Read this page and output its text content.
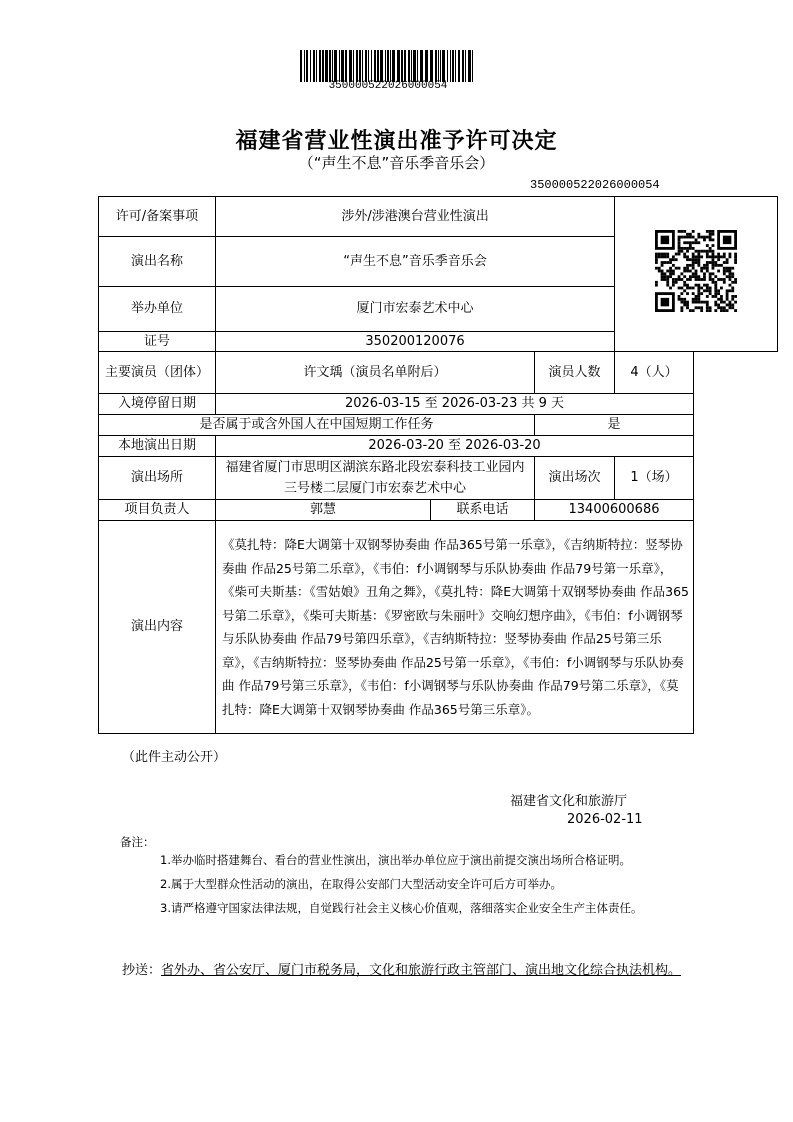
350000522026000054
福建省营业性演出准予许可决定
（“声生不息”音乐季音乐会）
350000522026000054
许可/备案事项	涉外/涉港澳台营业性演出	
演出名称	“声生不息”音乐季音乐会			
举办单位	厦门市宏泰艺术中心			
证号	350200120076			
主要演员（团体）	许文瑀（演员名单附后）		演员人数	4（人）
入境停留日期	2026-03-15 至 2026-03-23 共 9 天			
是否属于或含外国人在中国短期工作任务			是	
本地演出日期	2026-03-20 至 2026-03-20			
演出场所	福建省厦门市思明区湖滨东路北段宏泰科技工业园内三号楼二层厦门市宏泰艺术中心		演出场次	1（场）
项目负责人	郭慧	联系电话	13400600686	
演出内容	《莫扎特：降E大调第十双钢琴协奏曲 作品365号第一乐章》，《吉纳斯特拉：竖琴协奏曲 作品25号第二乐章》，《韦伯：f小调钢琴与乐队协奏曲 作品79号第一乐章》，《柴可夫斯基：《雪姑娘》丑角之舞》，《莫扎特：降E大调第十双钢琴协奏曲 作品365号第二乐章》，《柴可夫斯基：《罗密欧与朱丽叶》交响幻想序曲》，《韦伯：f小调钢琴与乐队协奏曲 作品79号第四乐章》，《吉纳斯特拉：竖琴协奏曲 作品25号第三乐章》，《吉纳斯特拉：竖琴协奏曲 作品25号第一乐章》，《韦伯：f小调钢琴与乐队协奏曲 作品79号第三乐章》，《韦伯：f小调钢琴与乐队协奏曲 作品79号第二乐章》，《莫扎特：降E大调第十双钢琴协奏曲 作品365号第三乐章》。			
（此件主动公开）
福建省文化和旅游厅
2026-02-11
备注：
1.举办临时搭建舞台、看台的营业性演出，演出举办单位应于演出前提交演出场所合格证明。
2.属于大型群众性活动的演出，在取得公安部门大型活动安全许可后方可举办。
3.请严格遵守国家法律法规，自觉践行社会主义核心价值观，落细落实企业安全生产主体责任。
抄送：省外办、省公安厅、厦门市税务局，文化和旅游行政主管部门、演出地文化综合执法机构。
